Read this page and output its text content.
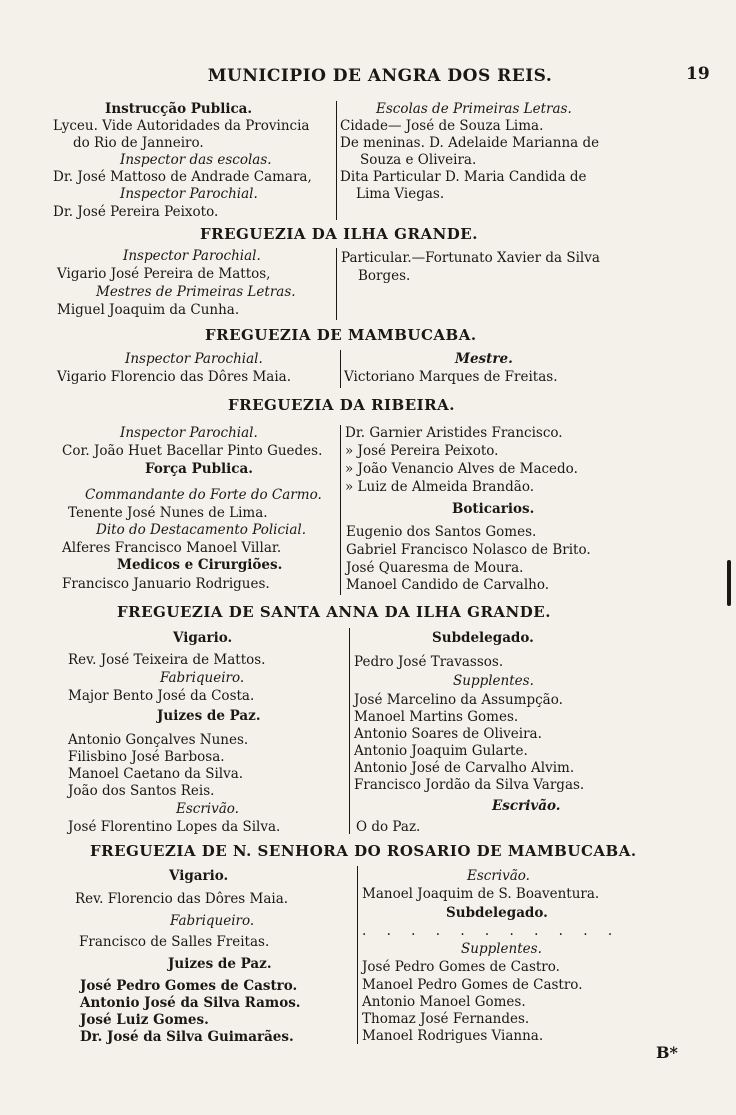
MUNICIPIO DE ANGRA DOS REIS.	19
Instrucção Publica.
Lyceu. Vide Autoridades da Provincia
do Rio de Janneiro.
Inspector das escolas.
Dr. José Mattoso de Andrade Camara,
Inspector Parochial.
Dr. José Pereira Peixoto.
Escolas de Primeiras Letras.
Cidade— José de Souza Lima.
De meninas. D. Adelaide Marianna de
Souza e Oliveira.
Dita Particular D. Maria Candida de
Lima Viegas.
FREGUEZIA DA ILHA GRANDE.
Inspector Parochial.
Vigario José Pereira de Mattos,
Mestres de Primeiras Letras.
Miguel Joaquim da Cunha.
Particular.—Fortunato Xavier da Silva
Borges.
FREGUEZIA DE MAMBUCABA.
Inspector Parochial.
Vigario Florencio das Dôres Maia.
Mestre.
Victoriano Marques de Freitas.
FREGUEZIA DA RIBEIRA.
Inspector Parochial.
Cor. João Huet Bacellar Pinto Guedes.
Força Publica.
Commandante do Forte do Carmo.
Tenente José Nunes de Lima.
Dito do Destacamento Policial.
Alferes Francisco Manoel Villar.
Medicos e Cirurgiões.
Francisco Januario Rodrigues.
Dr. Garnier Aristides Francisco.
» José Pereira Peixoto.
» João Venancio Alves de Macedo.
» Luiz de Almeida Brandão.
Boticarios.
Eugenio dos Santos Gomes.
Gabriel Francisco Nolasco de Brito.
José Quaresma de Moura.
Manoel Candido de Carvalho.
FREGUEZIA DE SANTA ANNA DA ILHA GRANDE.
Vigario.
Rev. José Teixeira de Mattos.
Fabriqueiro.
Major Bento José da Costa.
Juizes de Paz.
Antonio Gonçalves Nunes.
Filisbino José Barbosa.
Manoel Caetano da Silva.
João dos Santos Reis.
Escrivão.
José Florentino Lopes da Silva.
Subdelegado.
Pedro José Travassos.
Supplentes.
José Marcelino da Assumpção.
Manoel Martins Gomes.
Antonio Soares de Oliveira.
Antonio Joaquim Gularte.
Antonio José de Carvalho Alvim.
Francisco Jordão da Silva Vargas.
Escrivão.
O do Paz.
FREGUEZIA DE N. SENHORA DO ROSARIO DE MAMBUCABA.
Vigario.
Rev. Florencio das Dôres Maia.
Fabriqueiro.
Francisco de Salles Freitas.
Juizes de Paz.
José Pedro Gomes de Castro.
Antonio José da Silva Ramos.
José Luiz Gomes.
Dr. José da Silva Guimarães.
Escrivão.
Manoel Joaquim de S. Boaventura.
Subdelegado.
. . . . . . . . . . .
Supplentes.
José Pedro Gomes de Castro.
Manoel Pedro Gomes de Castro.
Antonio Manoel Gomes.
Thomaz José Fernandes.
Manoel Rodrigues Vianna.
B*
